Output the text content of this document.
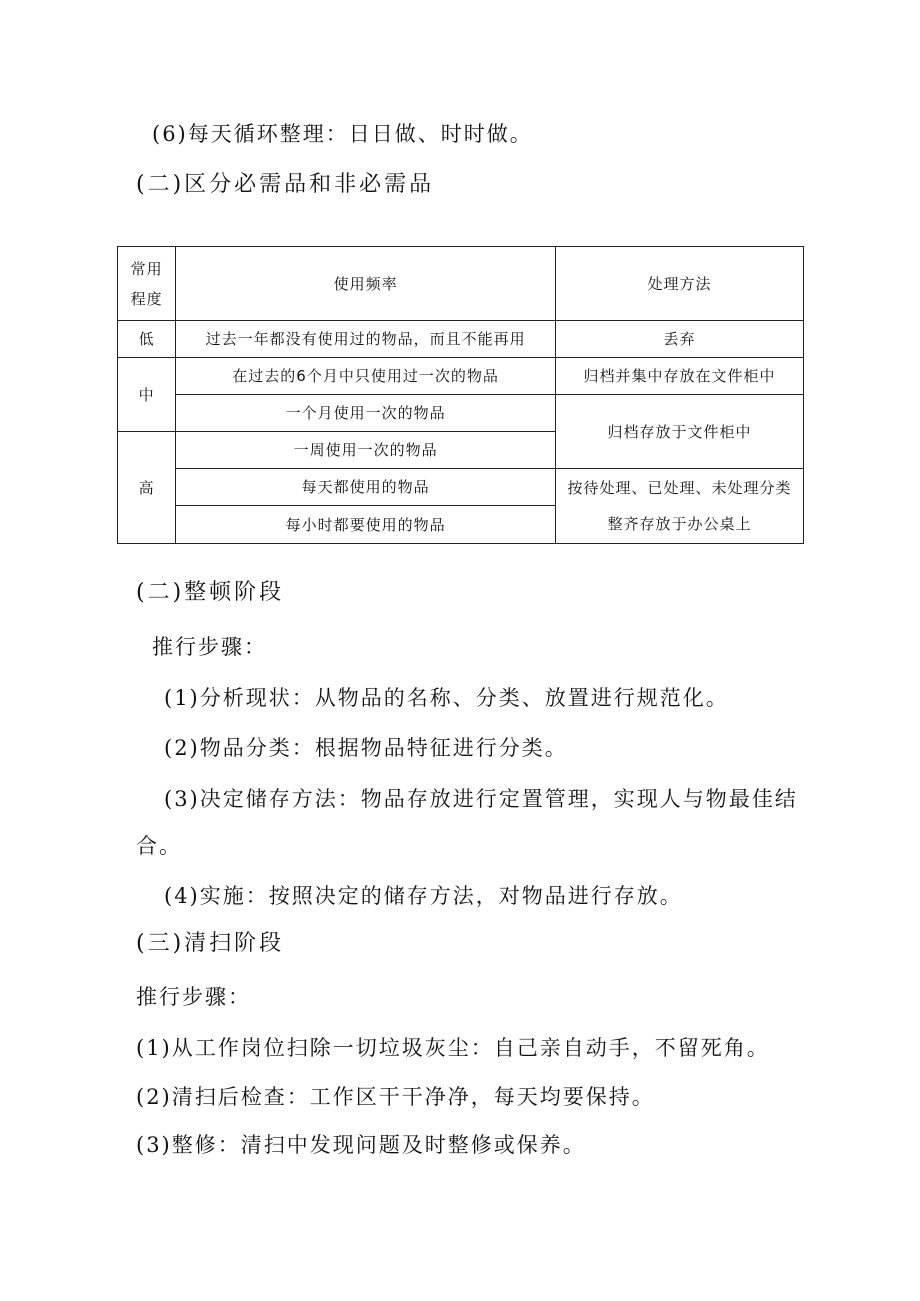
(6)每天循环整理：日日做、时时做。
(二)区分必需品和非必需品
常用
程度	使用频率	处理方法
低	过去一年都没有使用过的物品，而且不能再用	丢弃
中	在过去的6个月中只使用过一次的物品	归档并集中存放在文件柜中
	一个月使用一次的物品	归档存放于文件柜中
高	一周使用一次的物品	
	每天都使用的物品	按待处理、已处理、未处理分类整齐存放于办公桌上
	每小时都要使用的物品	
(二)整顿阶段
推行步骤：
(1)分析现状：从物品的名称、分类、放置进行规范化。
(2)物品分类：根据物品特征进行分类。
(3)决定储存方法：物品存放进行定置管理，实现人与物最佳结
合。
(4)实施：按照决定的储存方法，对物品进行存放。
(三)清扫阶段
推行步骤：
(1)从工作岗位扫除一切垃圾灰尘：自己亲自动手，不留死角。
(2)清扫后检查：工作区干干净净，每天均要保持。
(3)整修：清扫中发现问题及时整修或保养。
